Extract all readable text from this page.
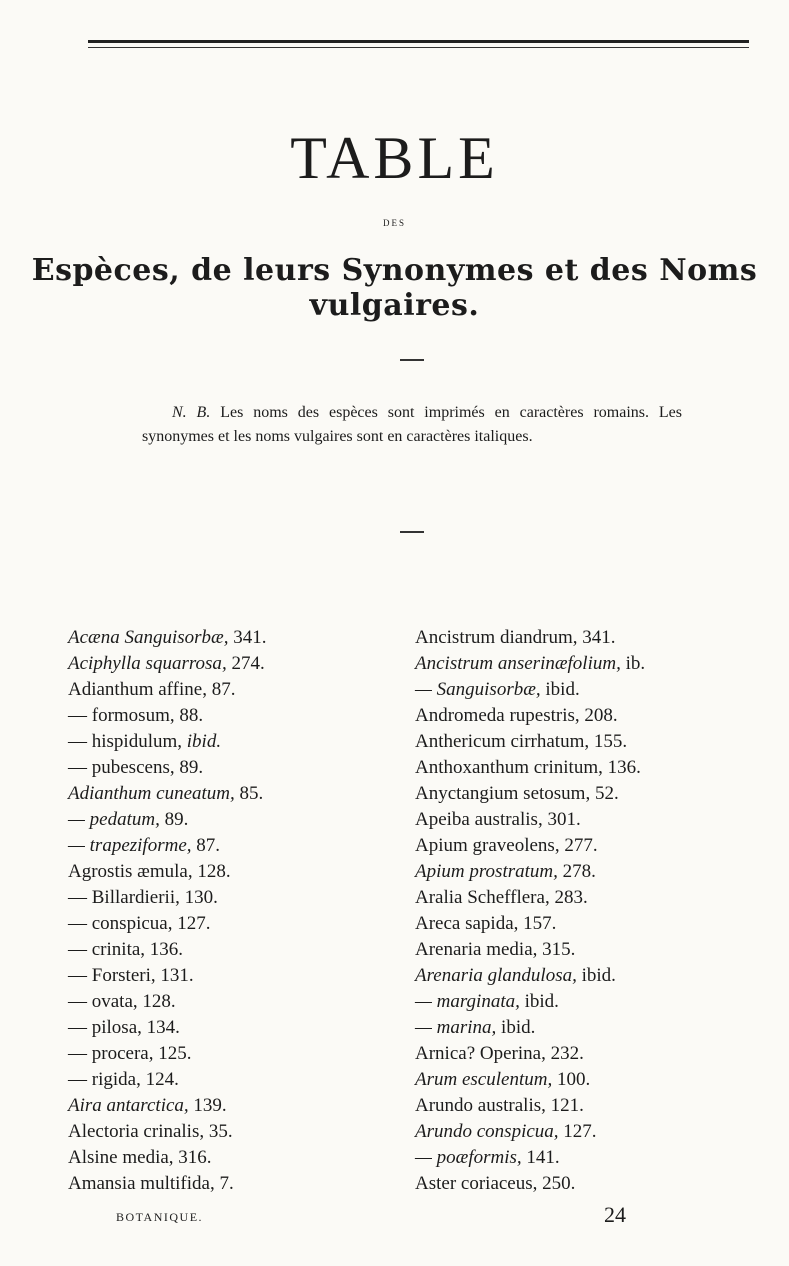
TABLE
DES
Espèces, de leurs Synonymes et des Noms vulgaires.
N. B. Les noms des espèces sont imprimés en caractères romains. Les synonymes et les noms vulgaires sont en caractères italiques.
Acæna Sanguisorbæ, 341.
Aciphylla squarrosa, 274.
Adianthum affine, 87.
— formosum, 88.
— hispidulum, ibid.
— pubescens, 89.
Adianthum cuneatum, 85.
— pedatum, 89.
— trapeziforme, 87.
Agrostis æmula, 128.
— Billardierii, 130.
— conspicua, 127.
— crinita, 136.
— Forsteri, 131.
— ovata, 128.
— pilosa, 134.
— procera, 125.
— rigida, 124.
Aira antarctica, 139.
Alectoria crinalis, 35.
Alsine media, 316.
Amansia multifida, 7.
Ancistrum diandrum, 341.
Ancistrum anserinæfolium, ib.
— Sanguisorbæ, ibid.
Andromeda rupestris, 208.
Anthericum cirrhatum, 155.
Anthoxanthum crinitum, 136.
Anyctangium setosum, 52.
Apeiba australis, 301.
Apium graveolens, 277.
Apium prostratum, 278.
Aralia Schefflera, 283.
Areca sapida, 157.
Arenaria media, 315.
Arenaria glandulosa, ibid.
— marginata, ibid.
— marina, ibid.
Arnica? Operina, 232.
Arum esculentum, 100.
Arundo australis, 121.
Arundo conspicua, 127.
— poæformis, 141.
Aster coriaceus, 250.
BOTANIQUE.	24
